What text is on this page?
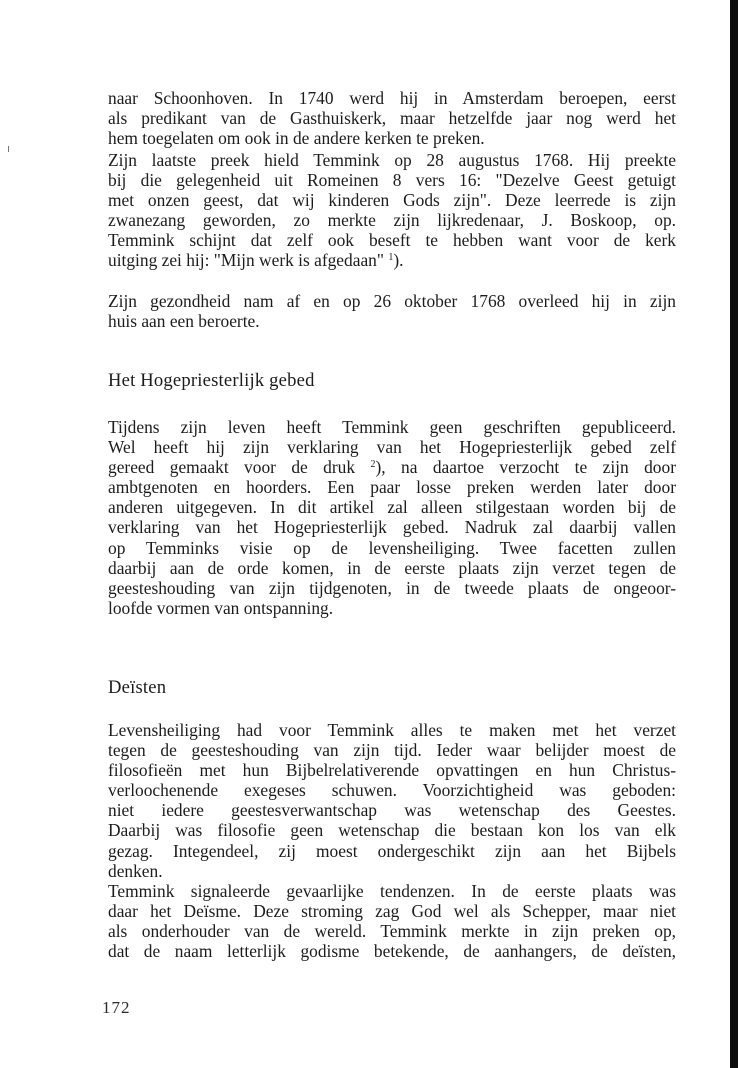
naar Schoonhoven. In 1740 werd hij in Amsterdam beroepen, eerst

als predikant van de Gasthuiskerk, maar hetzelfde jaar nog werd het

hem toegelaten om ook in de andere kerken te preken.

Zijn laatste preek hield Temmink op 28 augustus 1768. Hij preekte

bij die gelegenheid uit Romeinen 8 vers 16: "Dezelve Geest getuigt

met onzen geest, dat wij kinderen Gods zijn". Deze leerrede is zijn

zwanezang geworden, zo merkte zijn lijkredenaar, J. Boskoop, op.

Temmink schijnt dat zelf ook beseft te hebben want voor de kerk

uitging zei hij: "Mijn werk is afgedaan" $^1$).

Zijn gezondheid nam af en op 26 oktober 1768 overleed hij in zijn

huis aan een beroerte.

Het Hogepriesterlijk gebed

Tijdens zijn leven heeft Temmink geen geschriften gepubliceerd.

Wel heeft hij zijn verklaring van het Hogepriesterlijk gebed zelf

gereed gemaakt voor de druk $^2$), na daartoe verzocht te zijn door

ambtgenoten en hoorders. Een paar losse preken werden later door

anderen uitgegeven. In dit artikel zal alleen stilgestaan worden bij de

verklaring van het Hogepriesterlijk gebed. Nadruk zal daarbij vallen

op Temminks visie op de levensheiliging. Twee facetten zullen

daarbij aan de orde komen, in de eerste plaats zijn verzet tegen de

geesteshouding van zijn tijdgenoten, in de tweede plaats de ongeoor-

loofde vormen van ontspanning.

Deïsten

Levensheiliging had voor Temmink alles te maken met het verzet

tegen de geesteshouding van zijn tijd. Ieder waar belijder moest de

filosofieën met hun Bijbelrelativerende opvattingen en hun Christus-

verloochenende exegeses schuwen. Voorzichtigheid was geboden:

niet iedere geestesverwantschap was wetenschap des Geestes.

Daarbij was filosofie geen wetenschap die bestaan kon los van elk

gezag. Integendeel, zij moest ondergeschikt zijn aan het Bijbels

denken.

Temmink signaleerde gevaarlijke tendenzen. In de eerste plaats was

daar het Deïsme. Deze stroming zag God wel als Schepper, maar niet

als onderhouder van de wereld. Temmink merkte in zijn preken op,

dat de naam letterlijk godisme betekende, de aanhangers, de deïsten,

172
